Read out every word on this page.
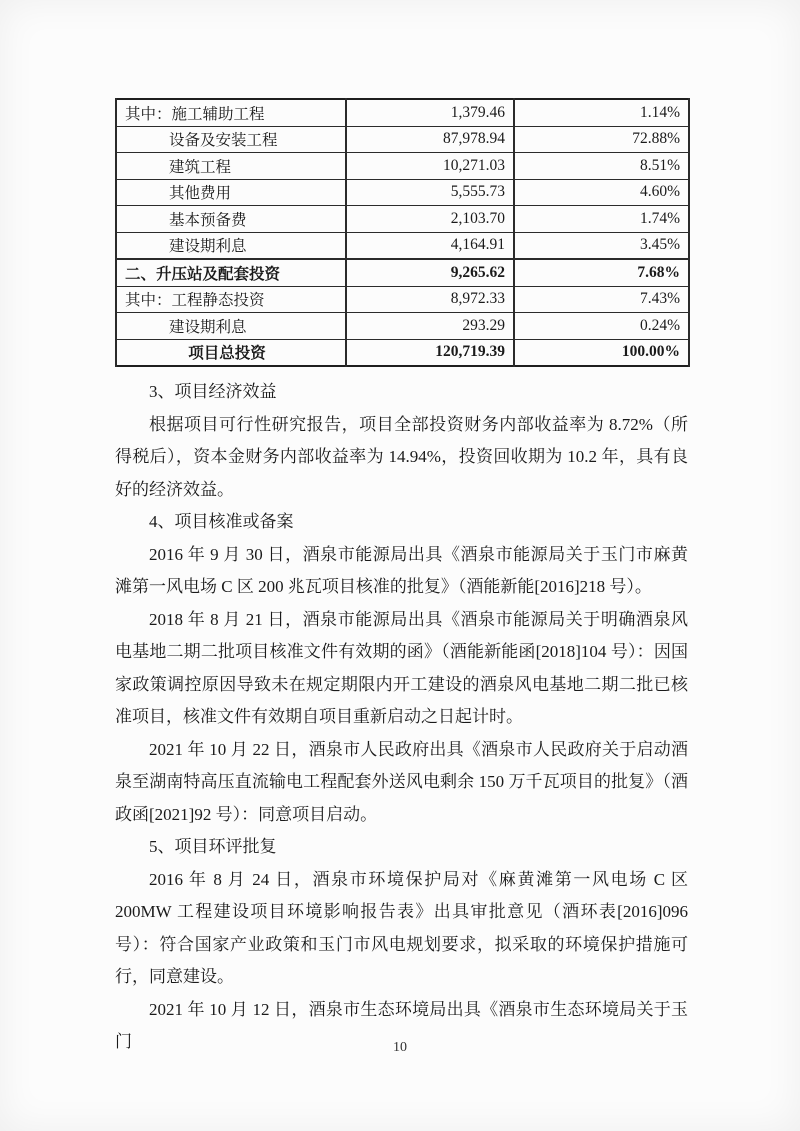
其中：施工辅助工程	1,379.46	1.14%
设备及安装工程	87,978.94	72.88%
建筑工程	10,271.03	8.51%
其他费用	5,555.73	4.60%
基本预备费	2,103.70	1.74%
建设期利息	4,164.91	3.45%
二、升压站及配套投资	9,265.62	7.68%
其中：工程静态投资	8,972.33	7.43%
建设期利息	293.29	0.24%
项目总投资	120,719.39	100.00%

3、项目经济效益

根据项目可行性研究报告，项目全部投资财务内部收益率为 8.72%（所得税后），资本金财务内部收益率为 14.94%，投资回收期为 10.2 年，具有良好的经济效益。

4、项目核准或备案

2016 年 9 月 30 日，酒泉市能源局出具《酒泉市能源局关于玉门市麻黄滩第一风电场 C 区 200 兆瓦项目核准的批复》（酒能新能[2016]218 号）。

2018 年 8 月 21 日，酒泉市能源局出具《酒泉市能源局关于明确酒泉风电基地二期二批项目核准文件有效期的函》（酒能新能函[2018]104 号）：因国家政策调控原因导致未在规定期限内开工建设的酒泉风电基地二期二批已核准项目，核准文件有效期自项目重新启动之日起计时。

2021 年 10 月 22 日，酒泉市人民政府出具《酒泉市人民政府关于启动酒泉至湖南特高压直流输电工程配套外送风电剩余 150 万千瓦项目的批复》（酒政函[2021]92 号）：同意项目启动。

5、项目环评批复

2016 年 8 月 24 日，酒泉市环境保护局对《麻黄滩第一风电场 C 区 200MW 工程建设项目环境影响报告表》出具审批意见（酒环表[2016]096 号）：符合国家产业政策和玉门市风电规划要求，拟采取的环境保护措施可行，同意建设。

2021 年 10 月 12 日，酒泉市生态环境局出具《酒泉市生态环境局关于玉门	10
